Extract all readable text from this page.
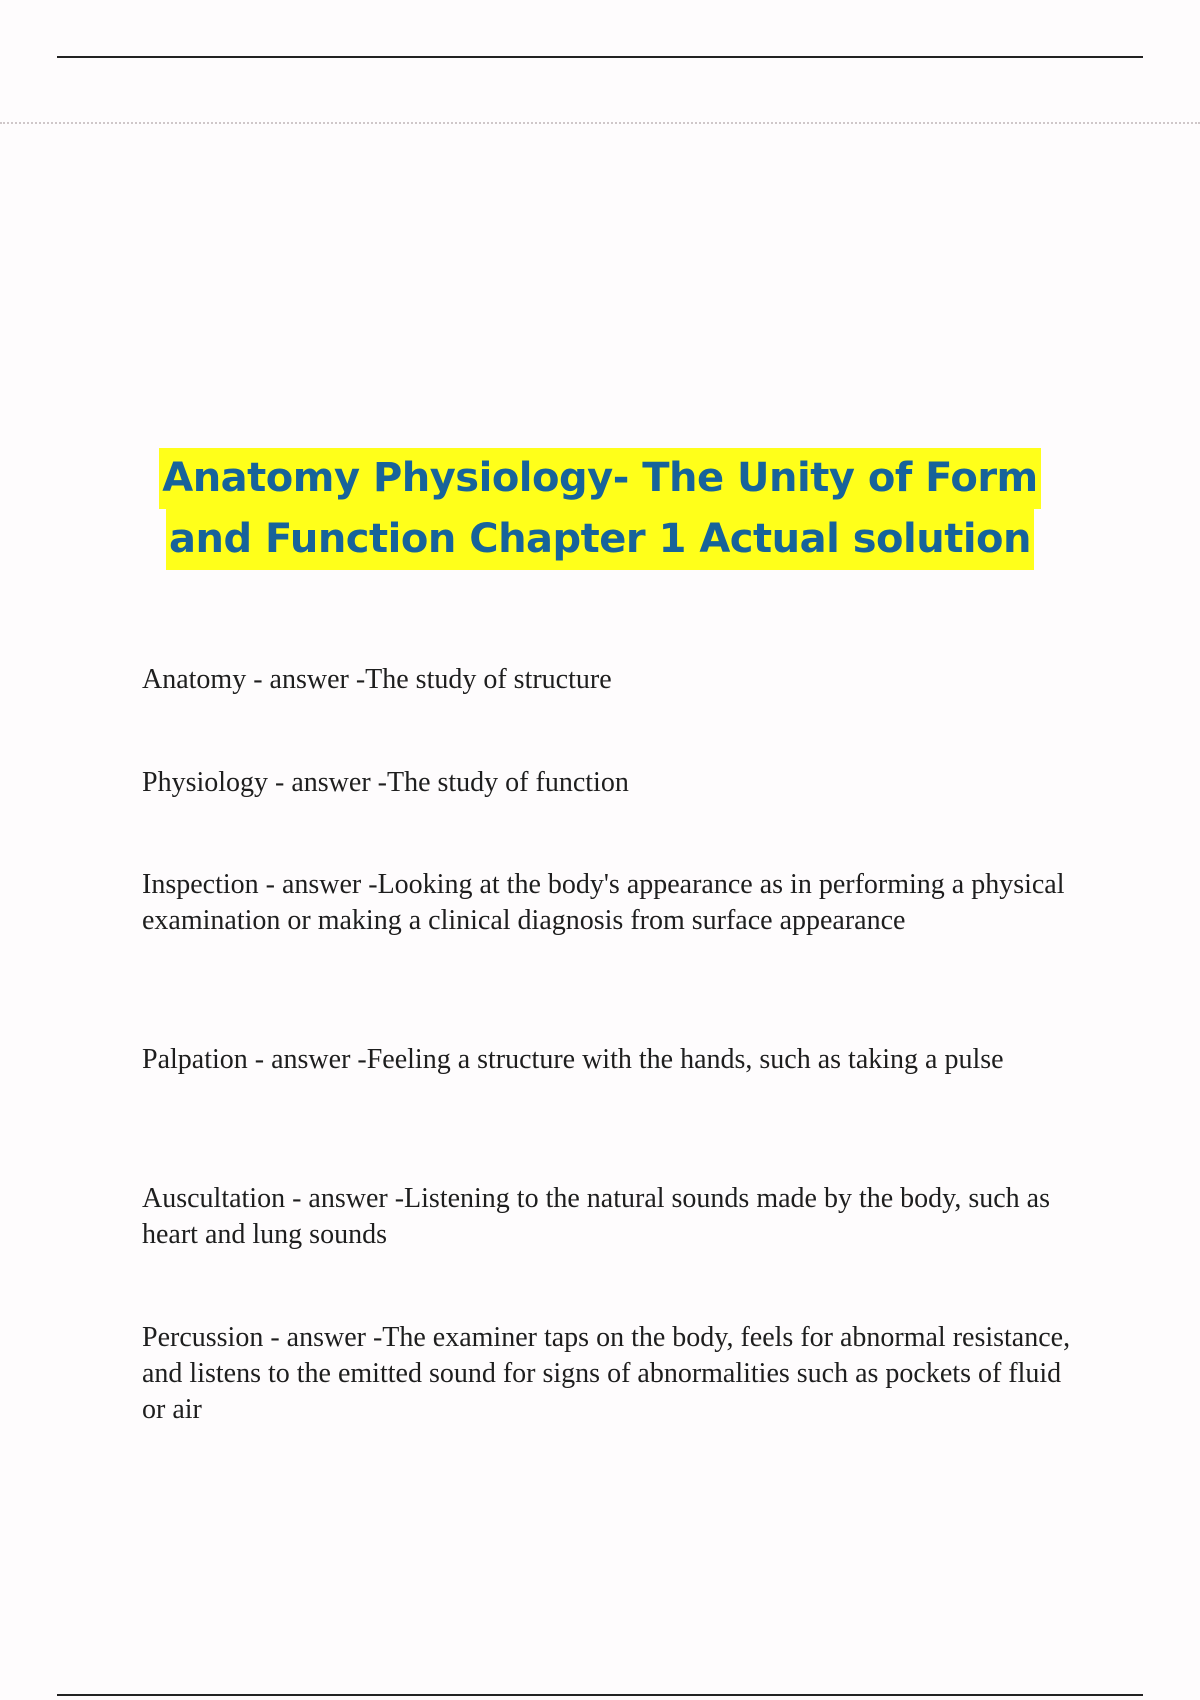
Anatomy Physiology- The Unity of Form
and Function Chapter 1 Actual solution

Anatomy - answer -The study of structure

Physiology - answer -The study of function

Inspection - answer -Looking at the body's appearance as in performing a physical examination or making a clinical diagnosis from surface appearance

Palpation - answer -Feeling a structure with the hands, such as taking a pulse

Auscultation - answer -Listening to the natural sounds made by the body, such as heart and lung sounds

Percussion - answer -The examiner taps on the body, feels for abnormal resistance, and listens to the emitted sound for signs of abnormalities such as pockets of fluid or air
